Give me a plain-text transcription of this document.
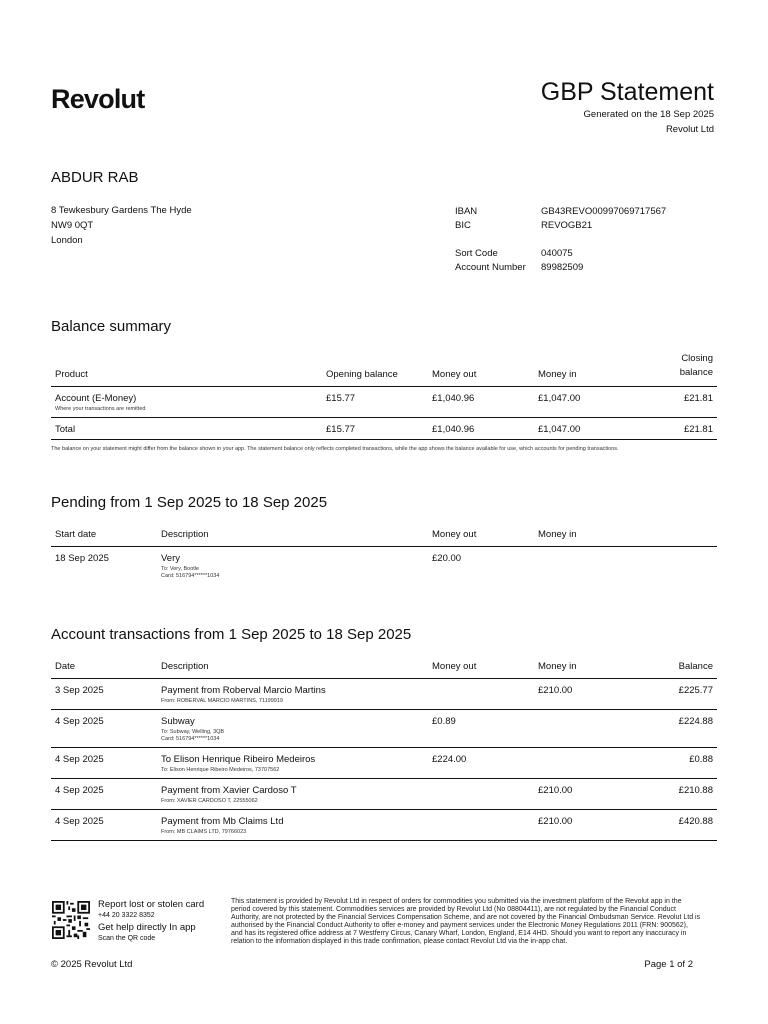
Revolut	GBP Statement
Generated on the 18 Sep 2025
Revolut Ltd
ABDUR RAB
8 Tewkesbury Gardens The Hyde
NW9 0QT
London
IBAN	GB43REVO00997069717567
BIC	REVOGB21
Sort Code	040075
Account Number	89982509
Balance summary
Product	Opening balance	Money out	Money in	Closing
balance

Account (E-Money)
Where your transactions are remitted	£15.77	£1,040.96	£1,047.00	£21.81
Total	£15.77	£1,040.96	£1,047.00	£21.81
The balance on your statement might differ from the balance shown in your app. The statement balance only reflects completed transactions, while the app shows the balance available for use, which accounts for pending transactions.
Pending from 1 Sep 2025 to 18 Sep 2025
Start date	Description	Money out	Money in
18 Sep 2025	Very
To: Very, Bootle
Card: 516794******1034	£20.00	
Account transactions from 1 Sep 2025 to 18 Sep 2025
Date	Description	Money out	Money in	Balance
3 Sep 2025	Payment from Roberval Marcio Martins
From: ROBERVAL MARCIO MARTINS, 71199919		£210.00	£225.77
4 Sep 2025	Subway
To: Subway, Welling, 3QB
Card: 516794******1034	£0.89		£224.88
4 Sep 2025	To Elison Henrique Ribeiro Medeiros
To: Elison Henrique Ribeiro Medeiros, 73707562	£224.00		£0.88
4 Sep 2025	Payment from Xavier Cardoso T
From: XAVIER CARDOSO T, 22555062		£210.00	£210.88
4 Sep 2025	Payment from Mb Claims Ltd
From: MB CLAIMS LTD, 79766023		£210.00	£420.88
Report lost or stolen card
+44 20 3322 8352
Get help directly In app
Scan the QR code
This statement is provided by Revolut Ltd in respect of orders for commodities you submitted via the investment platform of the Revolut app in the period covered by this statement. Commodities services are provided by Revolut Ltd (No 08804411), are not regulated by the Financial Conduct Authority, are not protected by the Financial Services Compensation Scheme, and are not covered by the Financial Ombudsman Service. Revolut Ltd is authorised by the Financial Conduct Authority to offer e-money and payment services under the Electronic Money Regulations 2011 (FRN: 900562), and has its registered office address at 7 Westferry Circus, Canary Wharf, London, England, E14 4HD. Should you want to report any inaccuracy in relation to the information displayed in this trade confirmation, please contact Revolut Ltd via the in-app chat.
© 2025 Revolut Ltd	Page 1 of 2
